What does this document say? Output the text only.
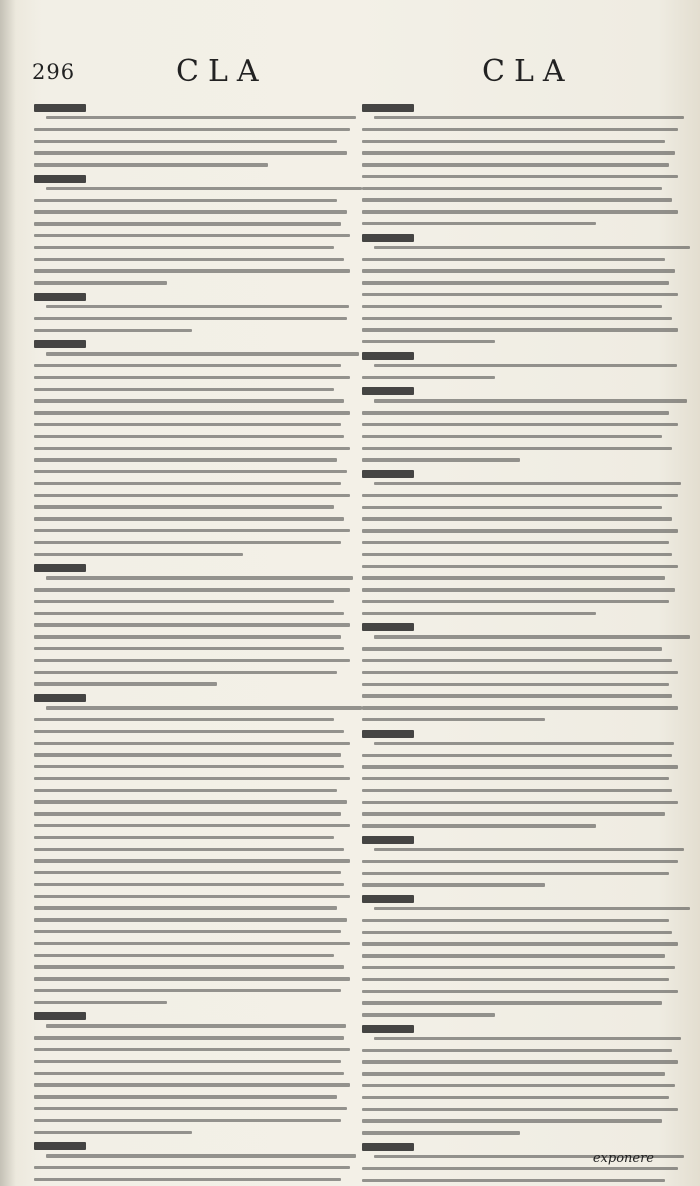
296	CLA	CLA
exponere
